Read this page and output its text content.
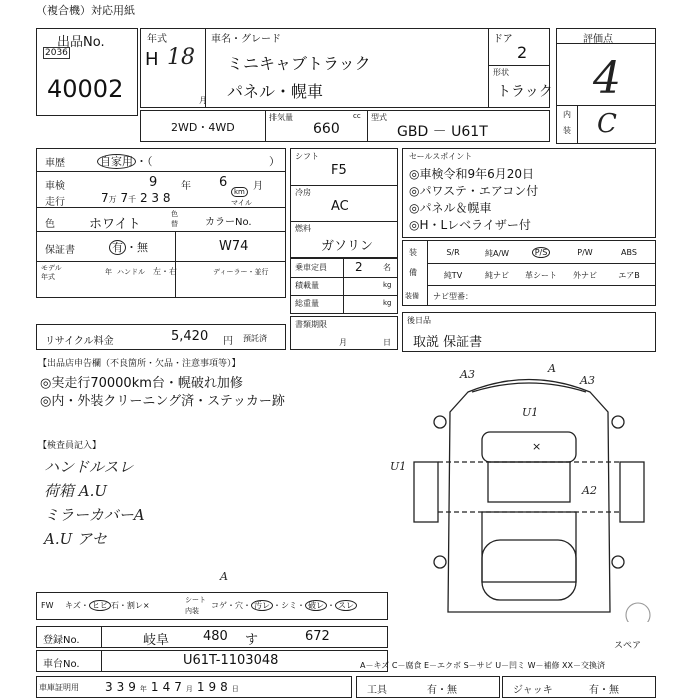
（複合機）対応用紙
出品No.
2036
40002
年式
H 18
月
車名・グレード
ミニキャブトラック
パネル・幌車
ドア
2
形状
トラック
評価点
4
内
装 C
2WD・4WD
排気量	cc
660
型式
GBD － U61T
車歴	自家用 ・（	）
車検	9 年 6	月
走行	7万 7千 2 3 8	km
マイル
色	ホワイト
色
替	カラーNo.
保証書	有 ・無	W74
モデル
年式
年 ハンドル 左・右	ディーラー・並行
リサイクル料金	5,420 円 預託済
シフト
F5
冷房
AC
燃料
ガソリン
乗車定員 2	名
積載量	kg
総重量	kg
書類期限
月	日
セールスポイント
◎車検令和9年6月20日
◎パワステ・エアコン付
◎パネル＆幌車
◎H・Lレベライザー付
装
備
装備
S/R	純A/W	P/S	P/W	ABS
純TV	純ナビ	革シート	外ナビ	エアB
ナビ型番：
後日品
取説 保証書
【出品店申告欄（不良箇所・欠品・注意事項等）】
◎実走行70000km台・幌破れ加修
◎内・外装クリーニング済・ステッカー跡
【検査員記入】
ハンドルスレ
荷箱 A.U
ミラーカバーA
A.U アセ
A3	A
A3
U1
×
U1
A2
スペア
A
FW キズ・ ヒビ 石・割レ×
シート
内装
コゲ・穴・ 汚レ ・シミ・ 破レ ・ スレ
登録No.	岐阜	480 す	672
車台No.	U61T-1103048	A－キズ C－腐食 E－エクボ S－サビ U－凹ミ W－補修 XX－交換済
車庫証明用 339年147月198日	工具	有・無	ジャッキ	有・無
